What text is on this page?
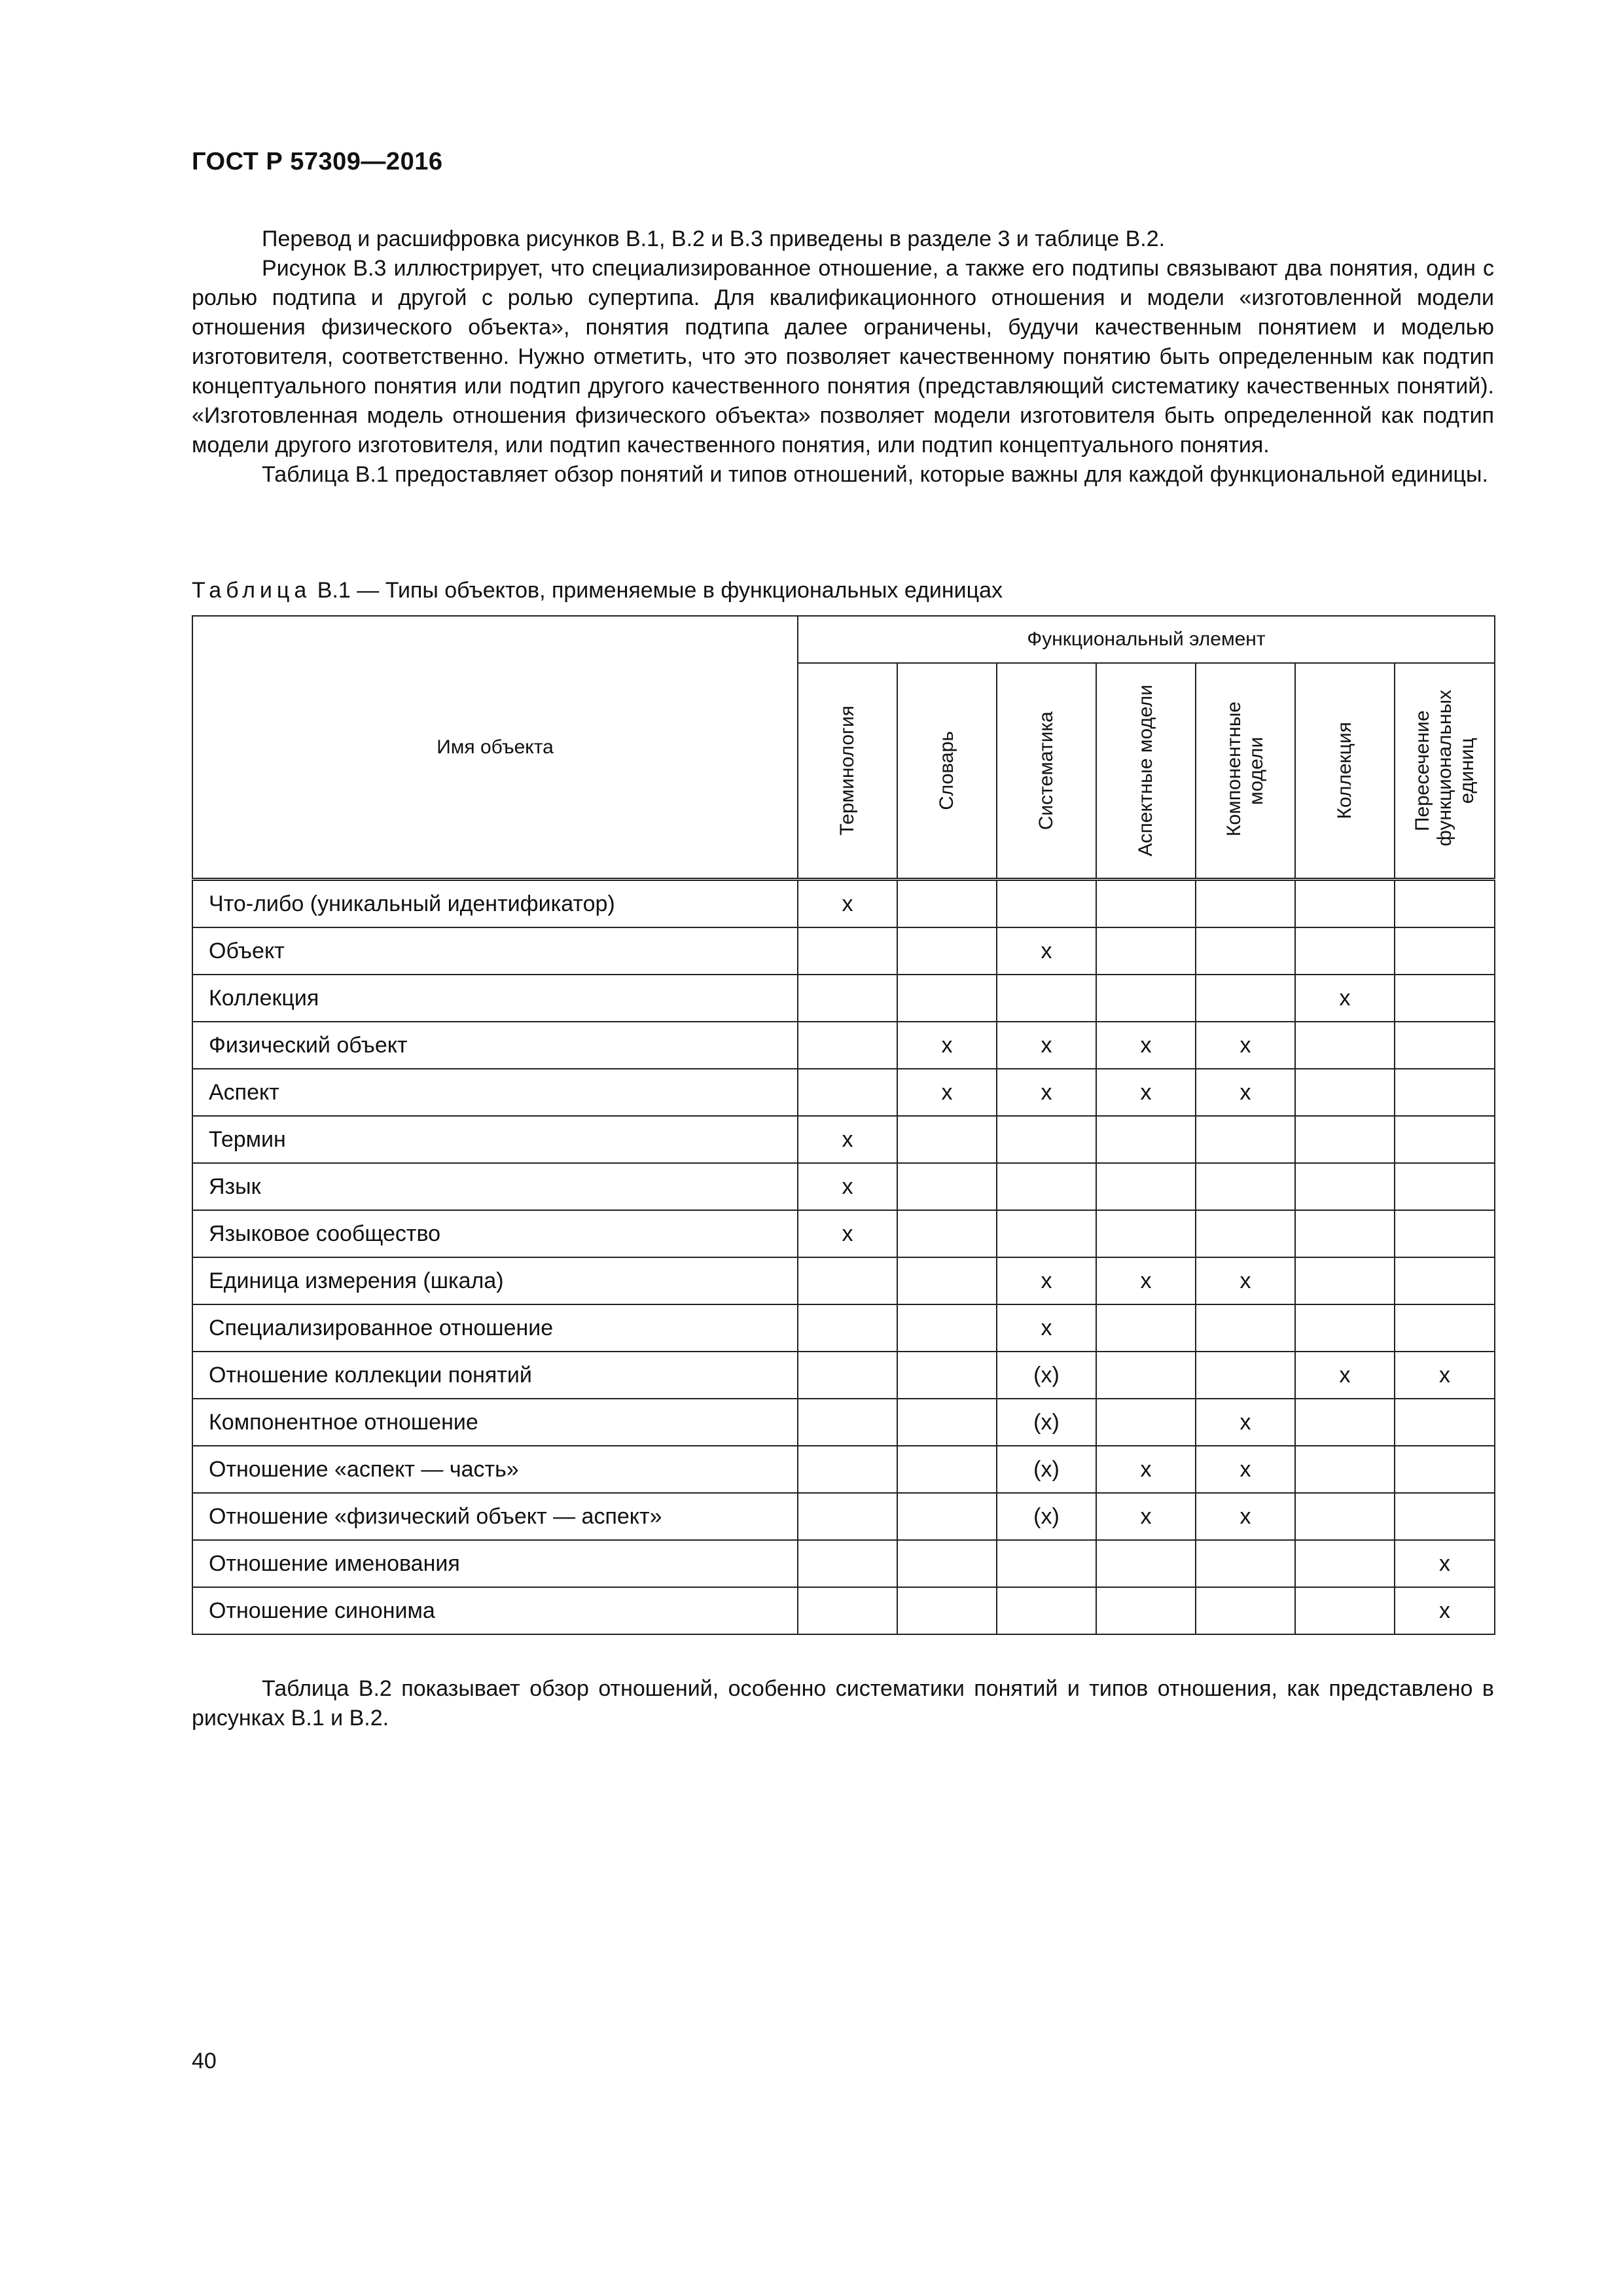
ГОСТ Р 57309—2016

Перевод и расшифровка рисунков В.1, В.2 и В.3 приведены в разделе 3 и таблице В.2.

Рисунок В.3 иллюстрирует, что специализированное отношение, а также его подтипы связывают два понятия, один с ролью подтипа и другой с ролью супертипа. Для квалификационного отношения и модели «изготовленной модели отношения физического объекта», понятия подтипа далее ограничены, будучи качественным понятием и моделью изготовителя, соответственно. Нужно отметить, что это позволяет качественному понятию быть определенным как подтип концептуального понятия или подтип другого качественного понятия (представляющий систематику качественных понятий). «Изготовленная модель отношения физического объекта» позволяет модели изготовителя быть определенной как подтип модели другого изготовителя, или подтип качественного понятия, или подтип концептуального понятия.

Таблица В.1 предоставляет обзор понятий и типов отношений, которые важны для каждой функциональной единицы.

Таблица В.1 — Типы объектов, применяемые в функциональных единицах
Имя объекта	Функциональный элемент						

	Терминология	Словарь	Систематика	Аспектные модели	Компонентные модели	Коллекция	Пересечение функциональных единиц

Что-либо (уникальный идентификатор)	x						
Объект			x				
Коллекция						x	
Физический объект		x	x	x	x		
Аспект		x	x	x	x		
Термин	x						
Язык	x						
Языковое сообщество	x						
Единица измерения (шкала)			x	x	x		
Специализированное отношение			x				
Отношение коллекции понятий			(x)			x	x
Компонентное отношение			(x)		x		
Отношение «аспект — часть»			(x)	x	x		
Отношение «физический объект — аспект»			(x)	x	x		
Отношение именования							x
Отношение синонима							x

Таблица В.2 показывает обзор отношений, особенно систематики понятий и типов отношения, как представлено в рисунках В.1 и В.2.

40
